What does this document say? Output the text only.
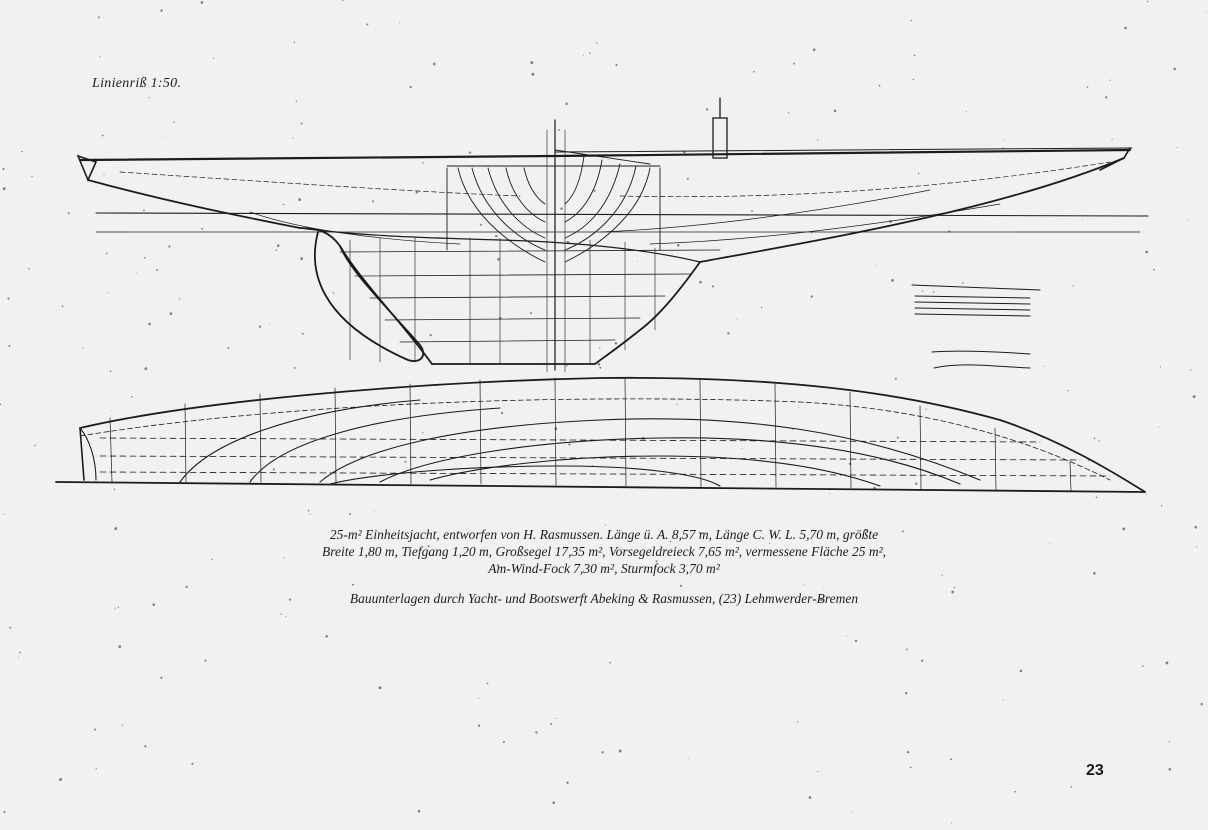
Linienriß 1:50.
25-m² Einheitsjacht, entworfen von H. Rasmussen. Länge ü. A. 8,57 m, Länge C. W. L. 5,70 m, größte
Breite 1,80 m, Tiefgang 1,20 m, Großsegel 17,35 m², Vorsegeldreieck 7,65 m², vermessene Fläche 25 m²,
Am-Wind-Fock 7,30 m², Sturmfock 3,70 m²
Bauunterlagen durch Yacht- und Bootswerft Abeking & Rasmussen, (23) Lehmwerder-Bremen
23
